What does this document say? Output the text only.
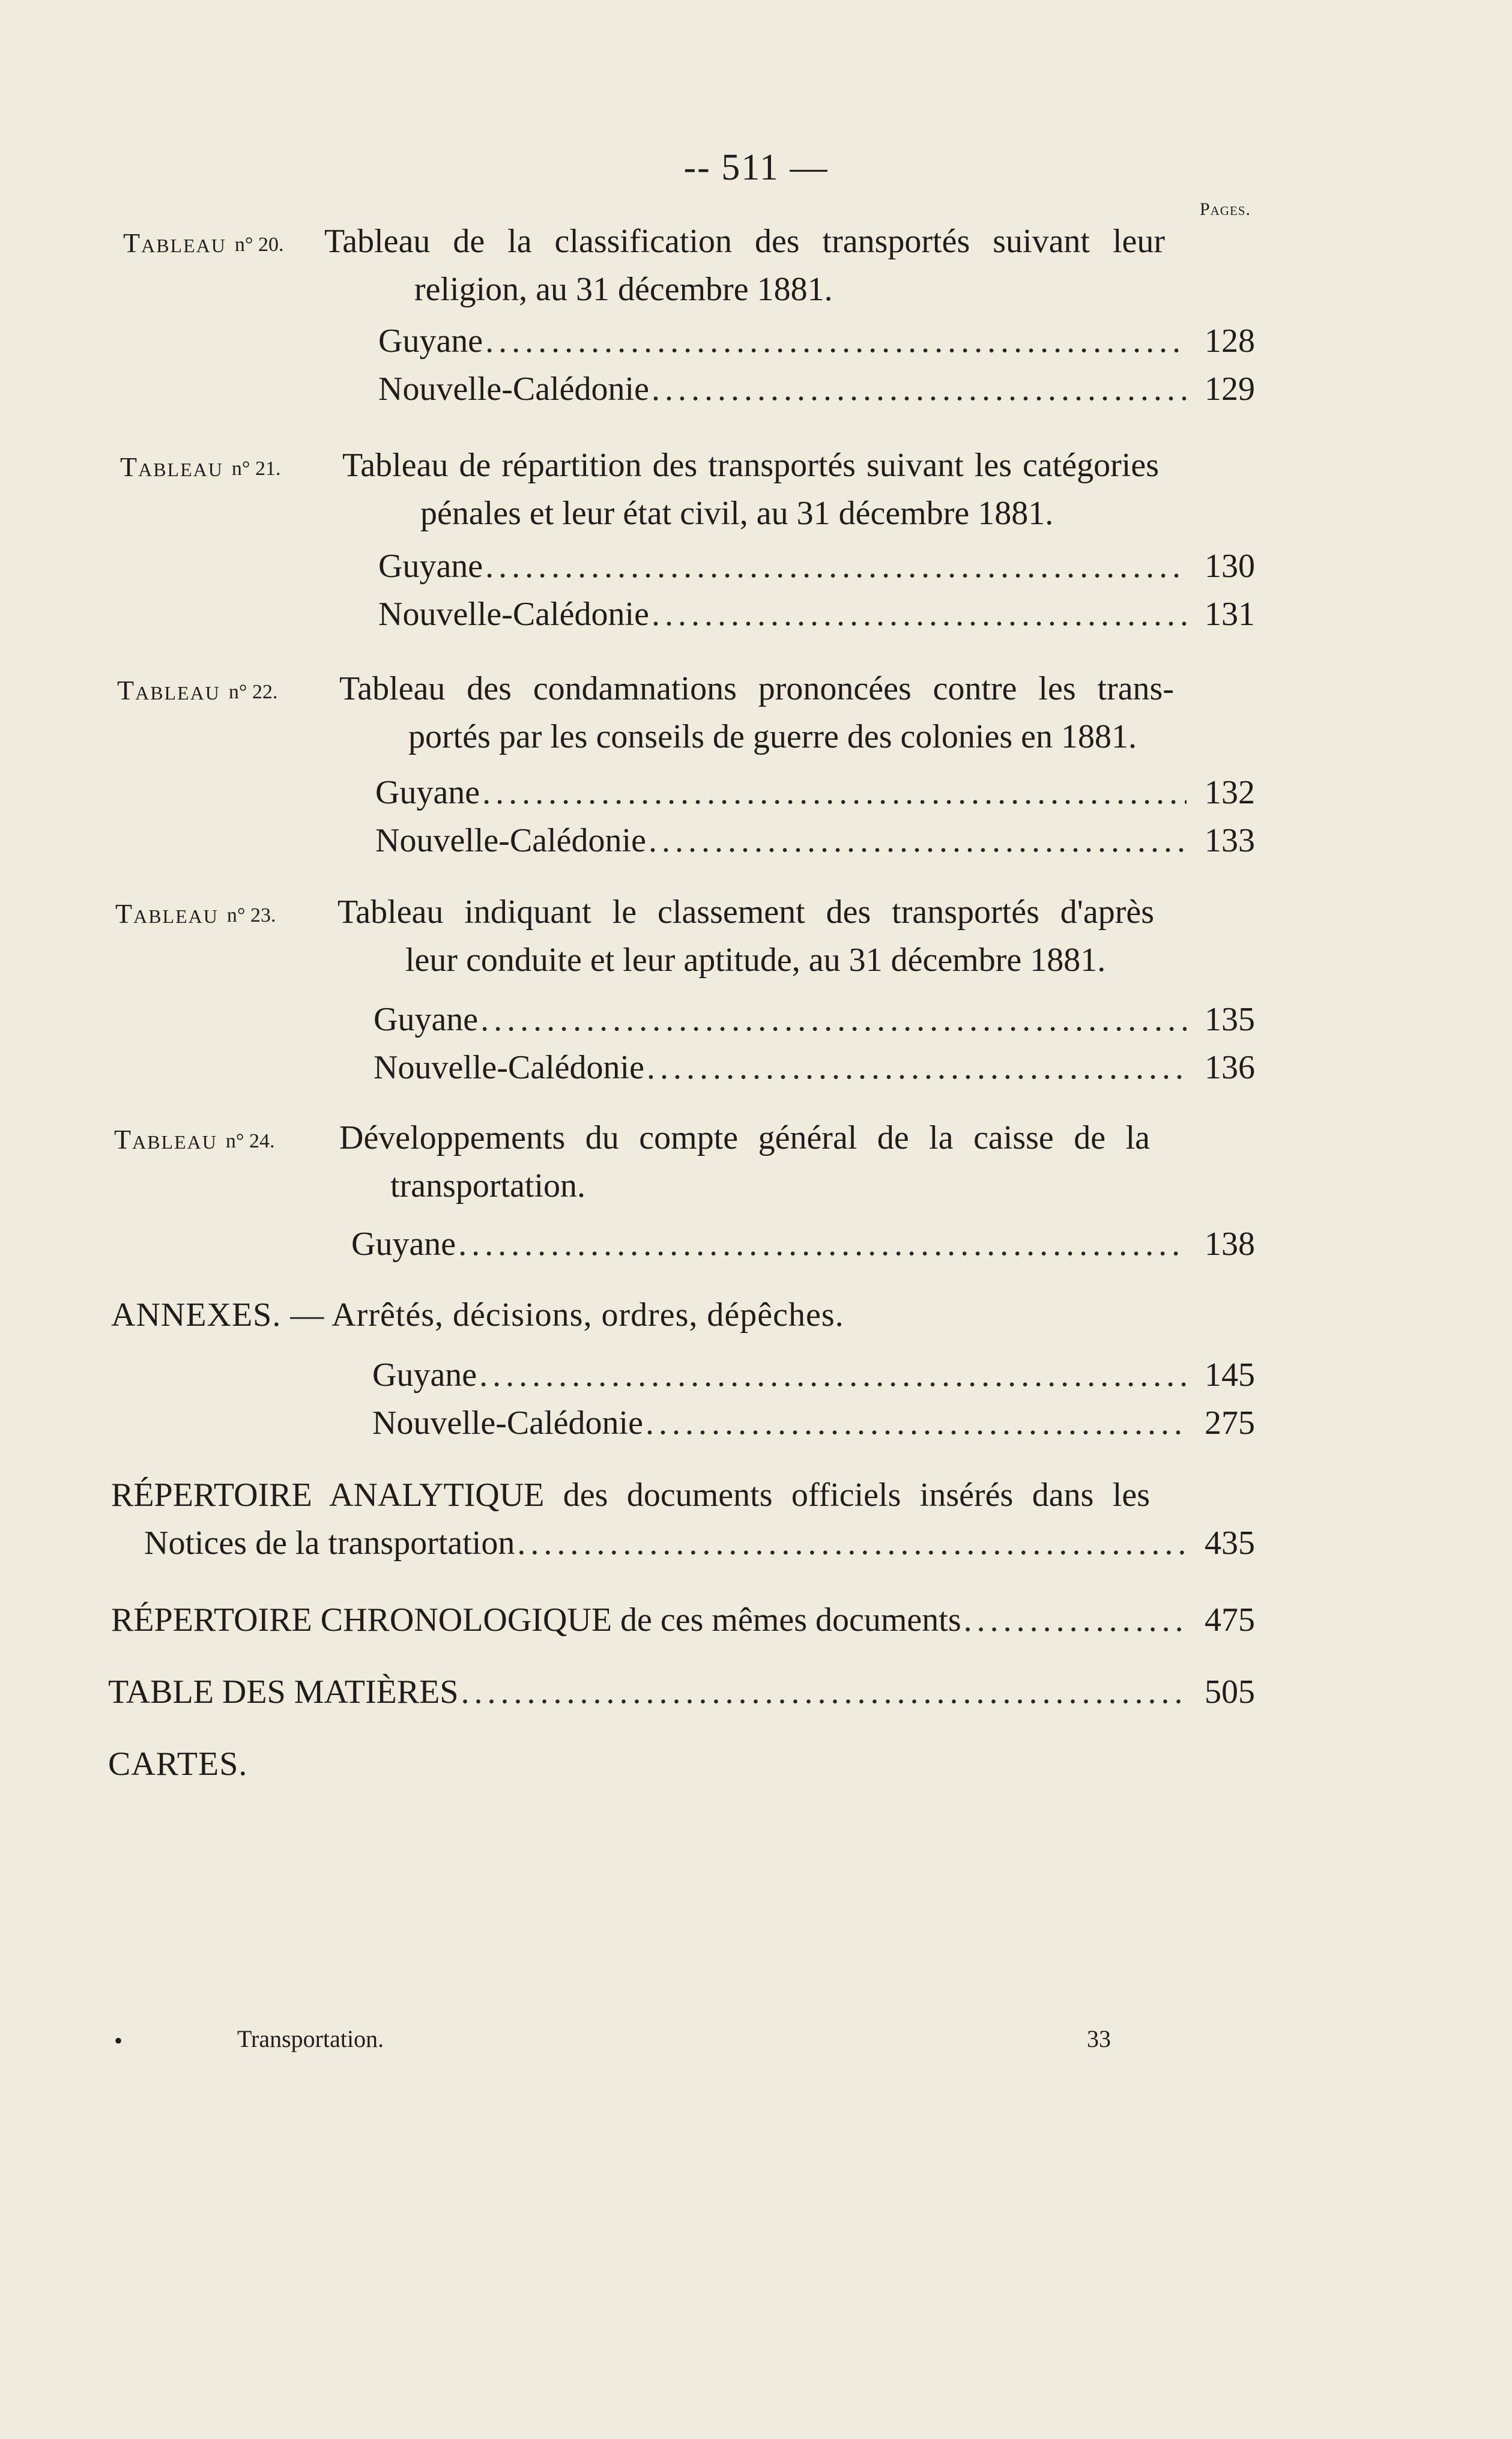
-- 511 —
Pages.
Tableau n° 20. Tableau de la classification des transportés suivant leur
religion, au 31 décembre 1881.
Guyane .....	128
Nouvelle-Calédonie .....	129
Tableau n° 21. Tableau de répartition des transportés suivant les catégories
pénales et leur état civil, au 31 décembre 1881.
Guyane .....	130
Nouvelle-Calédonie .....	131
Tableau n° 22. Tableau des condamnations prononcées contre les trans-
portés par les conseils de guerre des colonies en 1881.
Guyane .....	132
Nouvelle-Calédonie .....	133
Tableau n° 23. Tableau indiquant le classement des transportés d'après
leur conduite et leur aptitude, au 31 décembre 1881.
Guyane .....	135
Nouvelle-Calédonie .....	136
Tableau n° 24. Développements du compte général de la caisse de la
transportation.
Guyane .....	138
ANNEXES. — Arrêtés, décisions, ordres, dépêches.
Guyane .....	145
Nouvelle-Calédonie .....	275
RÉPERTOIRE ANALYTIQUE des documents officiels insérés dans les
Notices de la transportation .....	435
RÉPERTOIRE CHRONOLOGIQUE de ces mêmes documents .....	475
TABLE DES MATIÈRES .....	505
CARTES.
•	Transportation.	33
